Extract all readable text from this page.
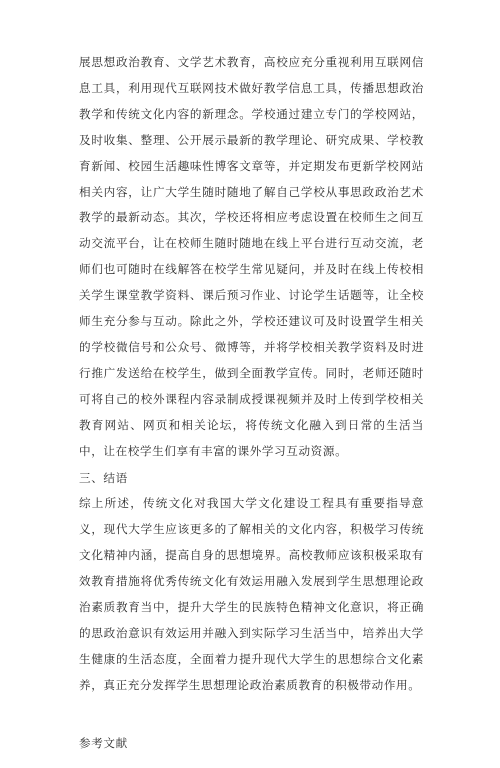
展思想政治教育、文学艺术教育，高校应充分重视利用互联网信息工具，利用现代互联网技术做好教学信息工具，传播思想政治教学和传统文化内容的新理念。学校通过建立专门的学校网站，及时收集、整理、公开展示最新的教学理论、研究成果、学校教育新闻、校园生活趣味性博客文章等，并定期发布更新学校网站相关内容，让广大学生随时随地了解自己学校从事思政政治艺术教学的最新动态。其次，学校还将相应考虑设置在校师生之间互动交流平台，让在校师生随时随地在线上平台进行互动交流，老师们也可随时在线解答在校学生常见疑问，并及时在线上传校相关学生课堂教学资料、课后预习作业、讨论学生话题等，让全校师生充分参与互动。除此之外，学校还建议可及时设置学生相关的学校微信号和公众号、微博等，并将学校相关教学资料及时进行推广发送给在校学生，做到全面教学宣传。同时，老师还随时可将自己的校外课程内容录制成授课视频并及时上传到学校相关教育网站、网页和相关论坛，将传统文化融入到日常的生活当中，让在校学生们享有丰富的课外学习互动资源。

三、结语

综上所述，传统文化对我国大学文化建设工程具有重要指导意义，现代大学生应该更多的了解相关的文化内容，积极学习传统文化精神内涵，提高自身的思想境界。高校教师应该积极采取有效教育措施将优秀传统文化有效运用融入发展到学生思想理论政治素质教育当中，提升大学生的民族特色精神文化意识，将正确的思政治意识有效运用并融入到实际学习生活当中，培养出大学生健康的生活态度，全面着力提升现代大学生的思想综合文化素养，真正充分发挥学生思想理论政治素质教育的积极带动作用。

参考文献
